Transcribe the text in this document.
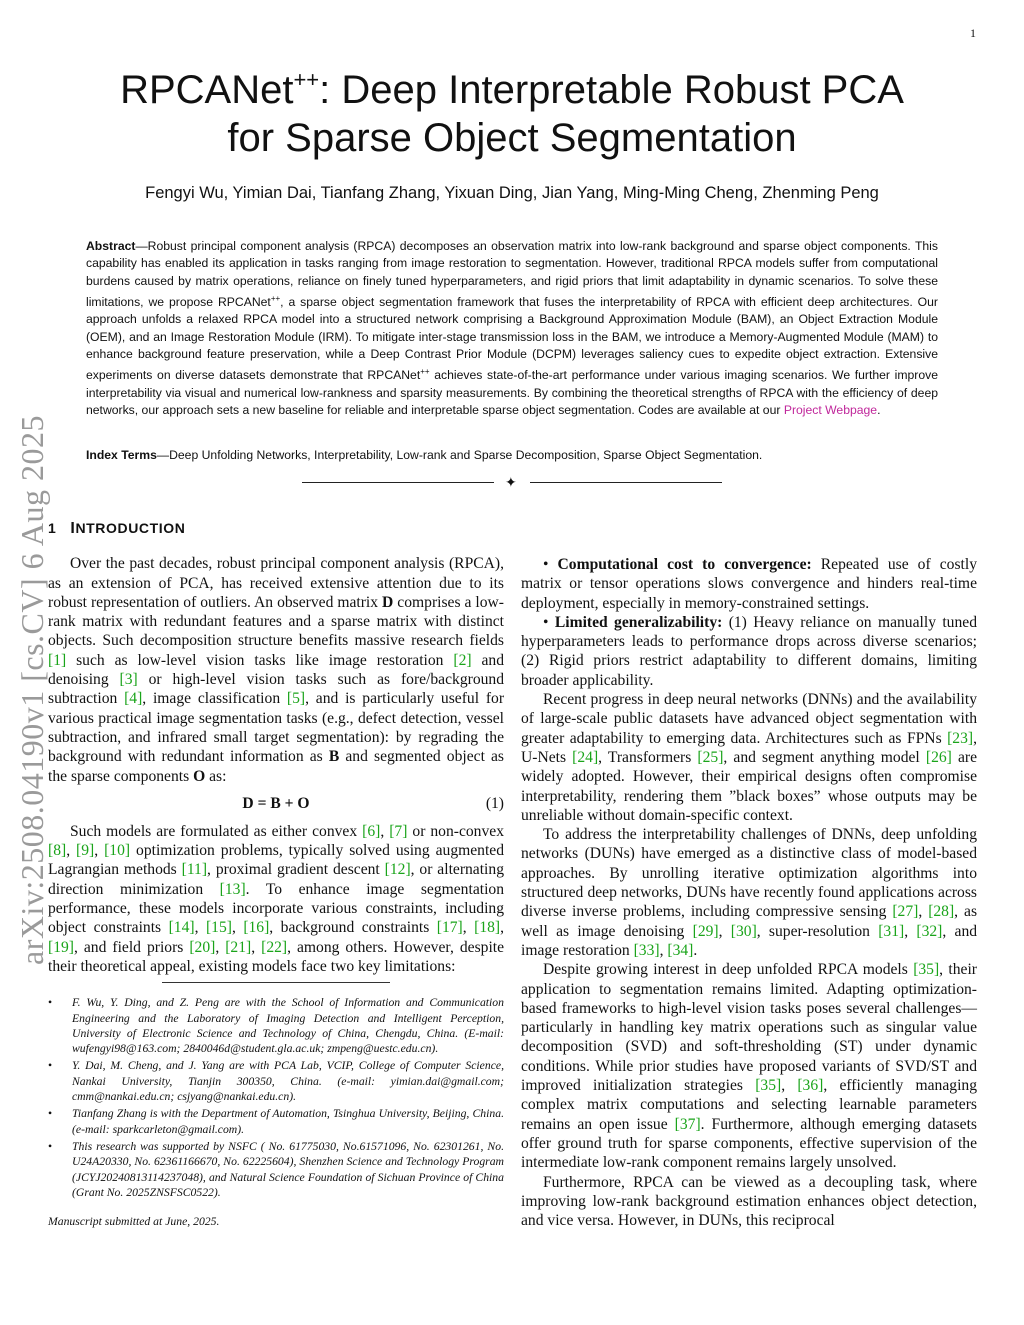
1
arXiv:2508.04190v1 [cs.CV] 6 Aug 2025
RPCANet++: Deep Interpretable Robust PCA
for Sparse Object Segmentation
Fengyi Wu, Yimian Dai, Tianfang Zhang, Yixuan Ding, Jian Yang, Ming-Ming Cheng, Zhenming Peng
Abstract—Robust principal component analysis (RPCA) decomposes an observation matrix into low-rank background and sparse object components. This capability has enabled its application in tasks ranging from image restoration to segmentation. However, traditional RPCA models suffer from computational burdens caused by matrix operations, reliance on finely tuned hyperparameters, and rigid priors that limit adaptability in dynamic scenarios. To solve these limitations, we propose RPCANet++, a sparse object segmentation framework that fuses the interpretability of RPCA with efficient deep architectures. Our approach unfolds a relaxed RPCA model into a structured network comprising a Background Approximation Module (BAM), an Object Extraction Module (OEM), and an Image Restoration Module (IRM). To mitigate inter-stage transmission loss in the BAM, we introduce a Memory-Augmented Module (MAM) to enhance background feature preservation, while a Deep Contrast Prior Module (DCPM) leverages saliency cues to expedite object extraction. Extensive experiments on diverse datasets demonstrate that RPCANet++ achieves state-of-the-art performance under various imaging scenarios. We further improve interpretability via visual and numerical low-rankness and sparsity measurements. By combining the theoretical strengths of RPCA with the efficiency of deep networks, our approach sets a new baseline for reliable and interpretable sparse object segmentation. Codes are available at our Project Webpage.
Index Terms—Deep Unfolding Networks, Interpretability, Low-rank and Sparse Decomposition, Sparse Object Segmentation.
✦
1 INTRODUCTION

Over the past decades, robust principal component analysis (RPCA), as an extension of PCA, has received extensive attention due to its robust representation of outliers. An observed matrix D comprises a low-rank matrix with redundant features and a sparse matrix with distinct objects. Such decomposition structure benefits massive research fields [1] such as low-level vision tasks like image restoration [2] and denoising [3] or high-level vision tasks such as fore/background subtraction [4], image classification [5], and is particularly useful for various practical image segmentation tasks (e.g., defect detection, vessel subtraction, and infrared small target segmentation): by regrading the background with redundant information as B and segmented object as the sparse components O as:

D = B + O	(1)

Such models are formulated as either convex [6], [7] or non-convex [8], [9], [10] optimization problems, typically solved using augmented Lagrangian methods [11], proximal gradient descent [12], or alternating direction minimization [13]. To enhance image segmentation performance, these models incorporate various constraints, including object constraints [14], [15], [16], background constraints [17], [18], [19], and field priors [20], [21], [22], among others. However, despite their theoretical appeal, existing models face two key limitations:

• F. Wu, Y. Ding, and Z. Peng are with the School of Information and Communication Engineering and the Laboratory of Imaging Detection and Intelligent Perception, University of Electronic Science and Technology of China, Chengdu, China. (E-mail: wufengyi98@163.com; 2840046d@student.gla.ac.uk; zmpeng@uestc.edu.cn).
• Y. Dai, M. Cheng, and J. Yang are with PCA Lab, VCIP, College of Computer Science, Nankai University, Tianjin 300350, China. (e-mail: yimian.dai@gmail.com; cmm@nankai.edu.cn; csjyang@nankai.edu.cn).
• Tianfang Zhang is with the Department of Automation, Tsinghua University, Beijing, China. (e-mail: sparkcarleton@gmail.com).
• This research was supported by NSFC ( No. 61775030, No.61571096, No. 62301261, No. U24A20330, No. 62361166670, No. 62225604), Shenzhen Science and Technology Program (JCYJ20240813114237048), and Natural Science Foundation of Sichuan Province of China (Grant No. 2025ZNSFSC0522).
Manuscript submitted at June, 2025.

• Computational cost to convergence: Repeated use of costly matrix or tensor operations slows convergence and hinders real-time deployment, especially in memory-constrained settings.

• Limited generalizability: (1) Heavy reliance on manually tuned hyperparameters leads to performance drops across diverse scenarios; (2) Rigid priors restrict adaptability to different domains, limiting broader applicability.

Recent progress in deep neural networks (DNNs) and the availability of large-scale public datasets have advanced object segmentation with greater adaptability to emerging data. Architectures such as FPNs [23], U-Nets [24], Transformers [25], and segment anything model [26] are widely adopted. However, their empirical designs often compromise interpretability, rendering them ”black boxes” whose outputs may be unreliable without domain-specific context.

To address the interpretability challenges of DNNs, deep unfolding networks (DUNs) have emerged as a distinctive class of model-based approaches. By unrolling iterative optimization algorithms into structured deep networks, DUNs have recently found applications across diverse inverse problems, including compressive sensing [27], [28], as well as image denoising [29], [30], super-resolution [31], [32], and image restoration [33], [34].

Despite growing interest in deep unfolded RPCA models [35], their application to segmentation remains limited. Adapting optimization-based frameworks to high-level vision tasks poses several challenges—particularly in handling key matrix operations such as singular value decomposition (SVD) and soft-thresholding (ST) under dynamic conditions. While prior studies have proposed variants of SVD/ST and improved initialization strategies [35], [36], efficiently managing complex matrix computations and selecting learnable parameters remains an open issue [37]. Furthermore, although emerging datasets offer ground truth for sparse components, effective supervision of the intermediate low-rank component remains largely unsolved.

Furthermore, RPCA can be viewed as a decoupling task, where improving low-rank background estimation enhances object detection, and vice versa. However, in DUNs, this reciprocal
